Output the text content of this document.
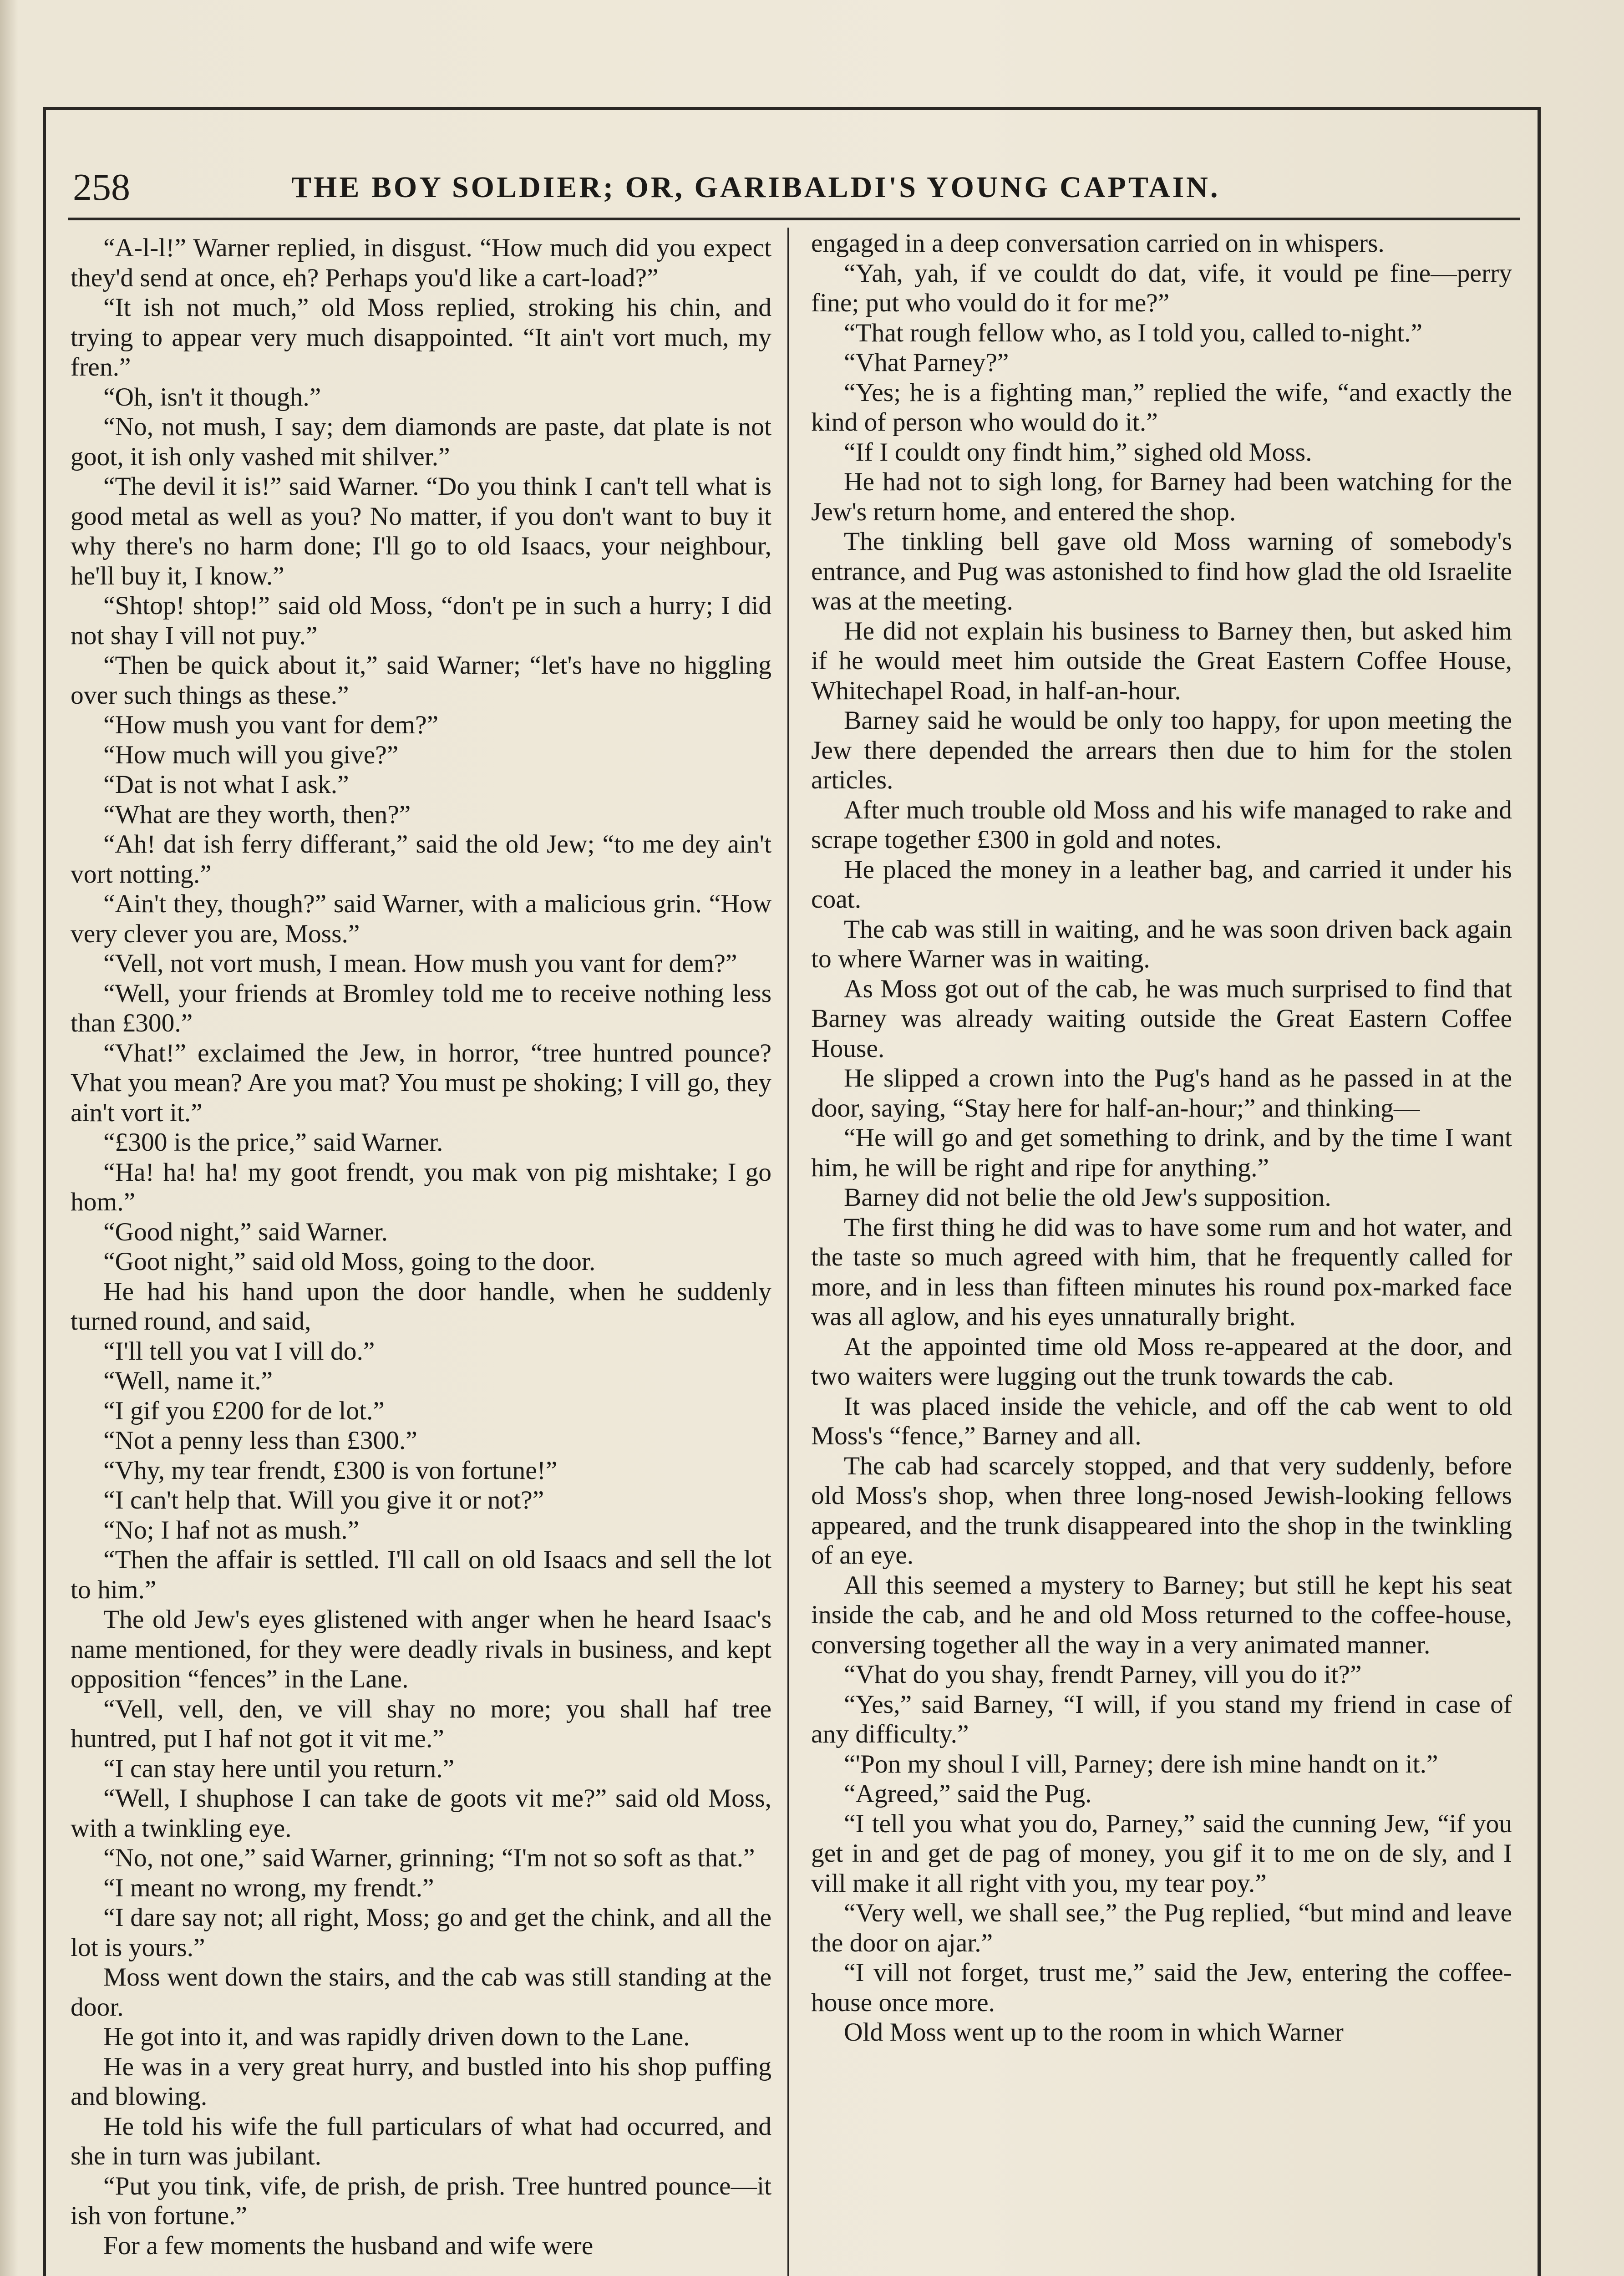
258	THE BOY SOLDIER; OR, GARIBALDI'S YOUNG CAPTAIN.

“A-l-l!” Warner replied, in disgust. “How much did you expect they'd send at once, eh? Perhaps you'd like a cart-load?”

“It ish not much,” old Moss replied, stroking his chin, and trying to appear very much disappointed. “It ain't vort much, my fren.”

“Oh, isn't it though.”

“No, not mush, I say; dem diamonds are paste, dat plate is not goot, it ish only vashed mit shilver.”

“The devil it is!” said Warner. “Do you think I can't tell what is good metal as well as you? No matter, if you don't want to buy it why there's no harm done; I'll go to old Isaacs, your neighbour, he'll buy it, I know.”

“Shtop! shtop!” said old Moss, “don't pe in such a hurry; I did not shay I vill not puy.”

“Then be quick about it,” said Warner; “let's have no higgling over such things as these.”

“How mush you vant for dem?”

“How much will you give?”

“Dat is not what I ask.”

“What are they worth, then?”

“Ah! dat ish ferry differant,” said the old Jew; “to me dey ain't vort notting.”

“Ain't they, though?” said Warner, with a malicious grin. “How very clever you are, Moss.”

“Vell, not vort mush, I mean. How mush you vant for dem?”

“Well, your friends at Bromley told me to receive nothing less than £300.”

“Vhat!” exclaimed the Jew, in horror, “tree huntred pounce? Vhat you mean? Are you mat? You must pe shoking; I vill go, they ain't vort it.”

“£300 is the price,” said Warner.

“Ha! ha! ha! my goot frendt, you mak von pig mishtake; I go hom.”

“Good night,” said Warner.

“Goot night,” said old Moss, going to the door.

He had his hand upon the door handle, when he suddenly turned round, and said,

“I'll tell you vat I vill do.”

“Well, name it.”

“I gif you £200 for de lot.”

“Not a penny less than £300.”

“Vhy, my tear frendt, £300 is von fortune!”

“I can't help that. Will you give it or not?”

“No; I haf not as mush.”

“Then the affair is settled. I'll call on old Isaacs and sell the lot to him.”

The old Jew's eyes glistened with anger when he heard Isaac's name mentioned, for they were deadly rivals in business, and kept opposition “fences” in the Lane.

“Vell, vell, den, ve vill shay no more; you shall haf tree huntred, put I haf not got it vit me.”

“I can stay here until you return.”

“Well, I shuphose I can take de goots vit me?” said old Moss, with a twinkling eye.

“No, not one,” said Warner, grinning; “I'm not so soft as that.”

“I meant no wrong, my frendt.”

“I dare say not; all right, Moss; go and get the chink, and all the lot is yours.”

Moss went down the stairs, and the cab was still standing at the door.

He got into it, and was rapidly driven down to the Lane.

He was in a very great hurry, and bustled into his shop puffing and blowing.

He told his wife the full particulars of what had occurred, and she in turn was jubilant.

“Put you tink, vife, de prish, de prish. Tree huntred pounce—it ish von fortune.”

For a few moments the husband and wife were

engaged in a deep conversation carried on in whispers.

“Yah, yah, if ve couldt do dat, vife, it vould pe fine—perry fine; put who vould do it for me?”

“That rough fellow who, as I told you, called to-night.”

“Vhat Parney?”

“Yes; he is a fighting man,” replied the wife, “and exactly the kind of person who would do it.”

“If I couldt ony findt him,” sighed old Moss.

He had not to sigh long, for Barney had been watching for the Jew's return home, and entered the shop.

The tinkling bell gave old Moss warning of somebody's entrance, and Pug was astonished to find how glad the old Israelite was at the meeting.

He did not explain his business to Barney then, but asked him if he would meet him outside the Great Eastern Coffee House, Whitechapel Road, in half-an-hour.

Barney said he would be only too happy, for upon meeting the Jew there depended the arrears then due to him for the stolen articles.

After much trouble old Moss and his wife managed to rake and scrape together £300 in gold and notes.

He placed the money in a leather bag, and carried it under his coat.

The cab was still in waiting, and he was soon driven back again to where Warner was in waiting.

As Moss got out of the cab, he was much surprised to find that Barney was already waiting outside the Great Eastern Coffee House.

He slipped a crown into the Pug's hand as he passed in at the door, saying, “Stay here for half-an-hour;” and thinking—

“He will go and get something to drink, and by the time I want him, he will be right and ripe for anything.”

Barney did not belie the old Jew's supposition.

The first thing he did was to have some rum and hot water, and the taste so much agreed with him, that he frequently called for more, and in less than fifteen minutes his round pox-marked face was all aglow, and his eyes unnaturally bright.

At the appointed time old Moss re-appeared at the door, and two waiters were lugging out the trunk towards the cab.

It was placed inside the vehicle, and off the cab went to old Moss's “fence,” Barney and all.

The cab had scarcely stopped, and that very suddenly, before old Moss's shop, when three long-nosed Jewish-looking fellows appeared, and the trunk disappeared into the shop in the twinkling of an eye.

All this seemed a mystery to Barney; but still he kept his seat inside the cab, and he and old Moss returned to the coffee-house, conversing together all the way in a very animated manner.

“Vhat do you shay, frendt Parney, vill you do it?”

“Yes,” said Barney, “I will, if you stand my friend in case of any difficulty.”

“'Pon my shoul I vill, Parney; dere ish mine handt on it.”

“Agreed,” said the Pug.

“I tell you what you do, Parney,” said the cunning Jew, “if you get in and get de pag of money, you gif it to me on de sly, and I vill make it all right vith you, my tear poy.”

“Very well, we shall see,” the Pug replied, “but mind and leave the door on ajar.”

“I vill not forget, trust me,” said the Jew, entering the coffee-house once more.

Old Moss went up to the room in which Warner
